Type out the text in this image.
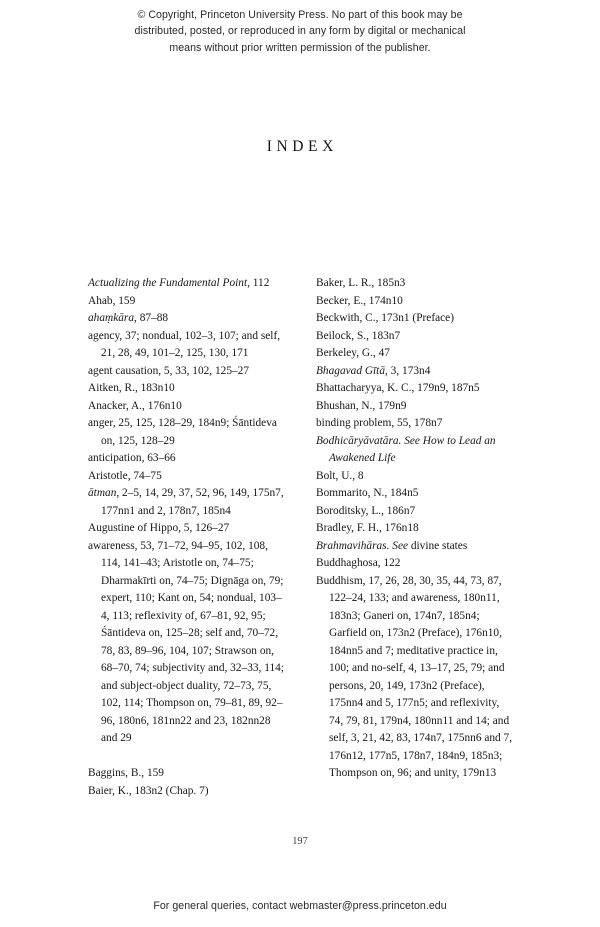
© Copyright, Princeton University Press. No part of this book may be
distributed, posted, or reproduced in any form by digital or mechanical
means without prior written permission of the publisher.
INDEX

Actualizing the Fundamental Point, 112

Ahab, 159

ahaṃkāra, 87–88

agency, 37; nondual, 102–3, 107; and self, 21, 28, 49, 101–2, 125, 130, 171

agent causation, 5, 33, 102, 125–27

Aitken, R., 183n10

Anacker, A., 176n10

anger, 25, 125, 128–29, 184n9; Śāntideva on, 125, 128–29

anticipation, 63–66

Aristotle, 74–75

ātman, 2–5, 14, 29, 37, 52, 96, 149, 175n7, 177nn1 and 2, 178n7, 185n4

Augustine of Hippo, 5, 126–27

awareness, 53, 71–72, 94–95, 102, 108, 114, 141–43; Aristotle on, 74–75; Dharmakīrti on, 74–75; Dignāga on, 79; expert, 110; Kant on, 54; nondual, 103–4, 113; reflexivity of, 67–81, 92, 95; Śāntideva on, 125–28; self and, 70–72, 78, 83, 89–96, 104, 107; Strawson on, 68–70, 74; subjectivity and, 32–33, 114; and subject-object duality, 72–73, 75, 102, 114; Thompson on, 79–81, 89, 92–96, 180n6, 181nn22 and 23, 182nn28 and 29

Baggins, B., 159

Baier, K., 183n2 (Chap. 7)

Baker, L. R., 185n3

Becker, E., 174n10

Beckwith, C., 173n1 (Preface)

Beilock, S., 183n7

Berkeley, G., 47

Bhagavad Gītā, 3, 173n4

Bhattacharyya, K. C., 179n9, 187n5

Bhushan, N., 179n9

binding problem, 55, 178n7

Bodhicāryāvatāra. See How to Lead an Awakened Life

Bolt, U., 8

Bommarito, N., 184n5

Boroditsky, L., 186n7

Bradley, F. H., 176n18

Brahmavihāras. See divine states

Buddhaghosa, 122

Buddhism, 17, 26, 28, 30, 35, 44, 73, 87, 122–24, 133; and awareness, 180n11, 183n3; Ganeri on, 174n7, 185n4; Garfield on, 173n2 (Preface), 176n10, 184nn5 and 7; meditative practice in, 100; and no-self, 4, 13–17, 25, 79; and persons, 20, 149, 173n2 (Preface), 175nn4 and 5, 177n5; and reflexivity, 74, 79, 81, 179n4, 180nn11 and 14; and self, 3, 21, 42, 83, 174n7, 175nn6 and 7, 176n12, 177n5, 178n7, 184n9, 185n3; Thompson on, 96; and unity, 179n13

197
For general queries, contact webmaster@press.princeton.edu
